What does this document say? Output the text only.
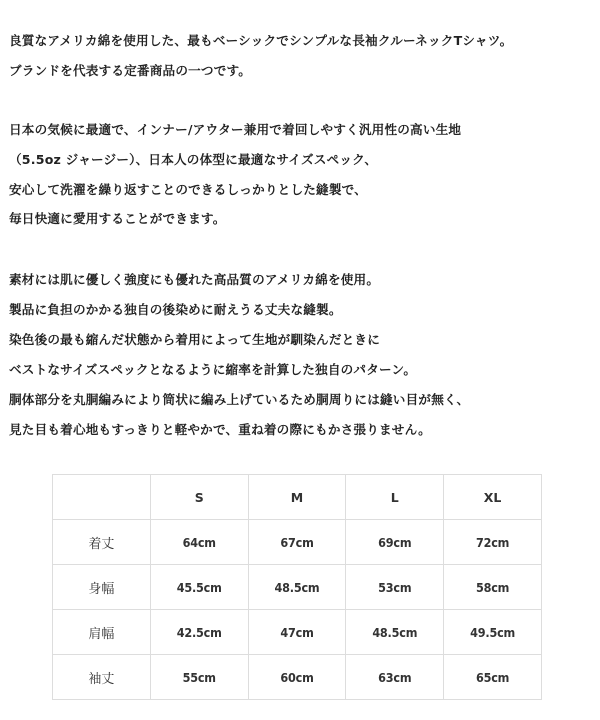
良質なアメリカ綿を使用した、最もベーシックでシンプルな長袖クルーネックTシャツ。
ブランドを代表する定番商品の一つです。
日本の気候に最適で、インナー/アウター兼用で着回しやすく汎用性の高い生地
（5.5oz ジャージー）、日本人の体型に最適なサイズスペック、
安心して洗濯を繰り返すことのできるしっかりとした縫製で、
毎日快適に愛用することができます。
素材には肌に優しく強度にも優れた高品質のアメリカ綿を使用。
製品に負担のかかる独自の後染めに耐えうる丈夫な縫製。
染色後の最も縮んだ状態から着用によって生地が馴染んだときに
ベストなサイズスペックとなるように縮率を計算した独自のパターン。
胴体部分を丸胴編みにより筒状に編み上げているため胴周りには縫い目が無く、
見た目も着心地もすっきりと軽やかで、重ね着の際にもかさ張りません。
	S	M	L	XL
着丈	64cm	67cm	69cm	72cm
身幅	45.5cm	48.5cm	53cm	58cm
肩幅	42.5cm	47cm	48.5cm	49.5cm
袖丈	55cm	60cm	63cm	65cm
